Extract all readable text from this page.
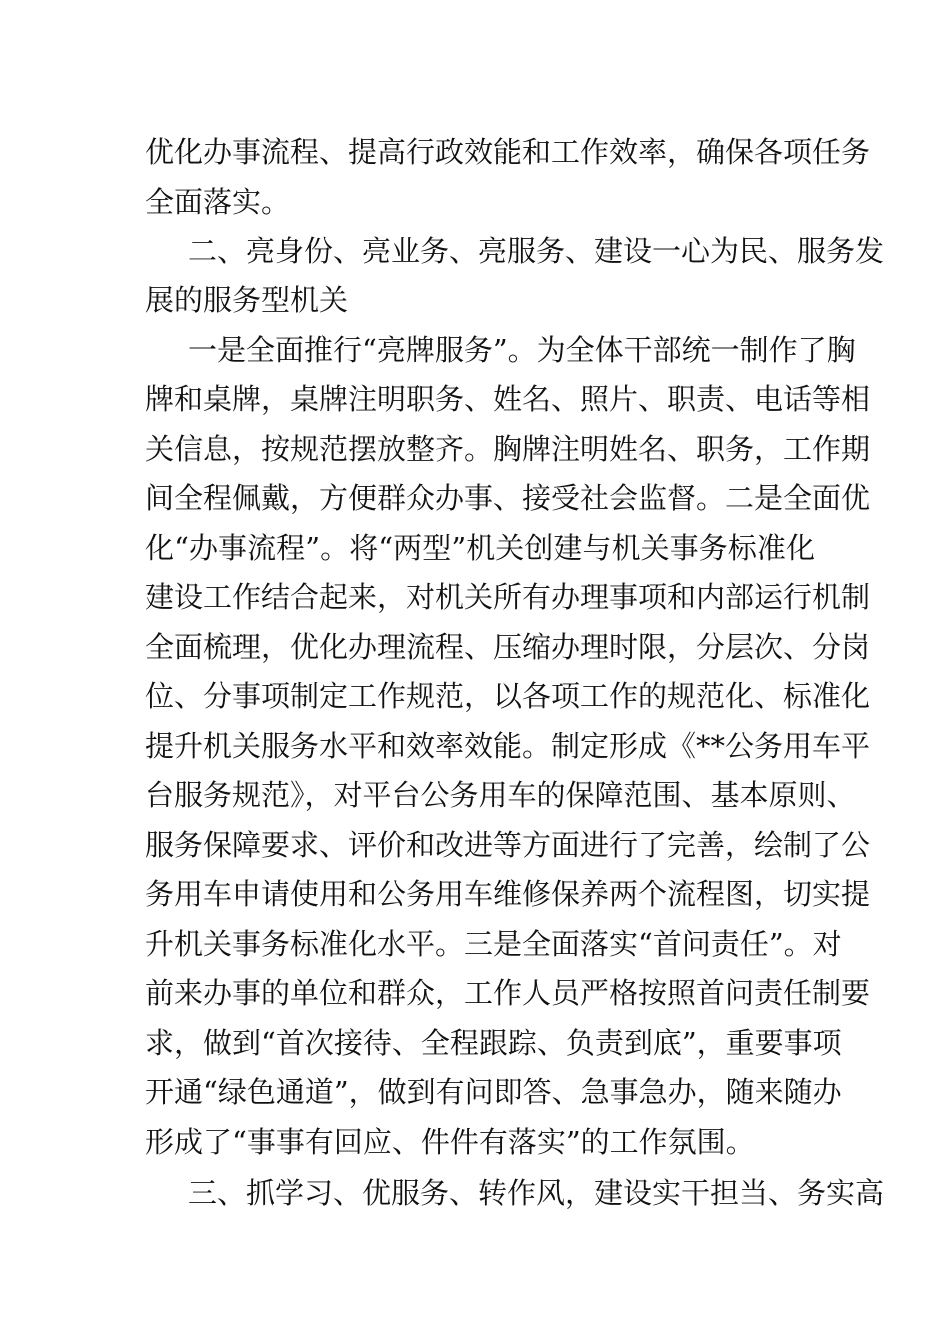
优化办事流程、提高行政效能和工作效率，确保各项任务
全面落实。
二、亮身份、亮业务、亮服务、建设一心为民、服务发
展的服务型机关
一是全面推行“亮牌服务”。为全体干部统一制作了胸
牌和桌牌，桌牌注明职务、姓名、照片、职责、电话等相
关信息，按规范摆放整齐。胸牌注明姓名、职务，工作期
间全程佩戴，方便群众办事、接受社会监督。二是全面优
化“办事流程”。将“两型”机关创建与机关事务标准化
建设工作结合起来，对机关所有办理事项和内部运行机制
全面梳理，优化办理流程、压缩办理时限，分层次、分岗
位、分事项制定工作规范，以各项工作的规范化、标准化
提升机关服务水平和效率效能。制定形成《**公务用车平
台服务规范》，对平台公务用车的保障范围、基本原则、
服务保障要求、评价和改进等方面进行了完善，绘制了公
务用车申请使用和公务用车维修保养两个流程图，切实提
升机关事务标准化水平。三是全面落实“首问责任”。对
前来办事的单位和群众，工作人员严格按照首问责任制要
求，做到“首次接待、全程跟踪、负责到底”，重要事项
开通“绿色通道”，做到有问即答、急事急办，随来随办
形成了“事事有回应、件件有落实”的工作氛围。
三、抓学习、优服务、转作风，建设实干担当、务实高
